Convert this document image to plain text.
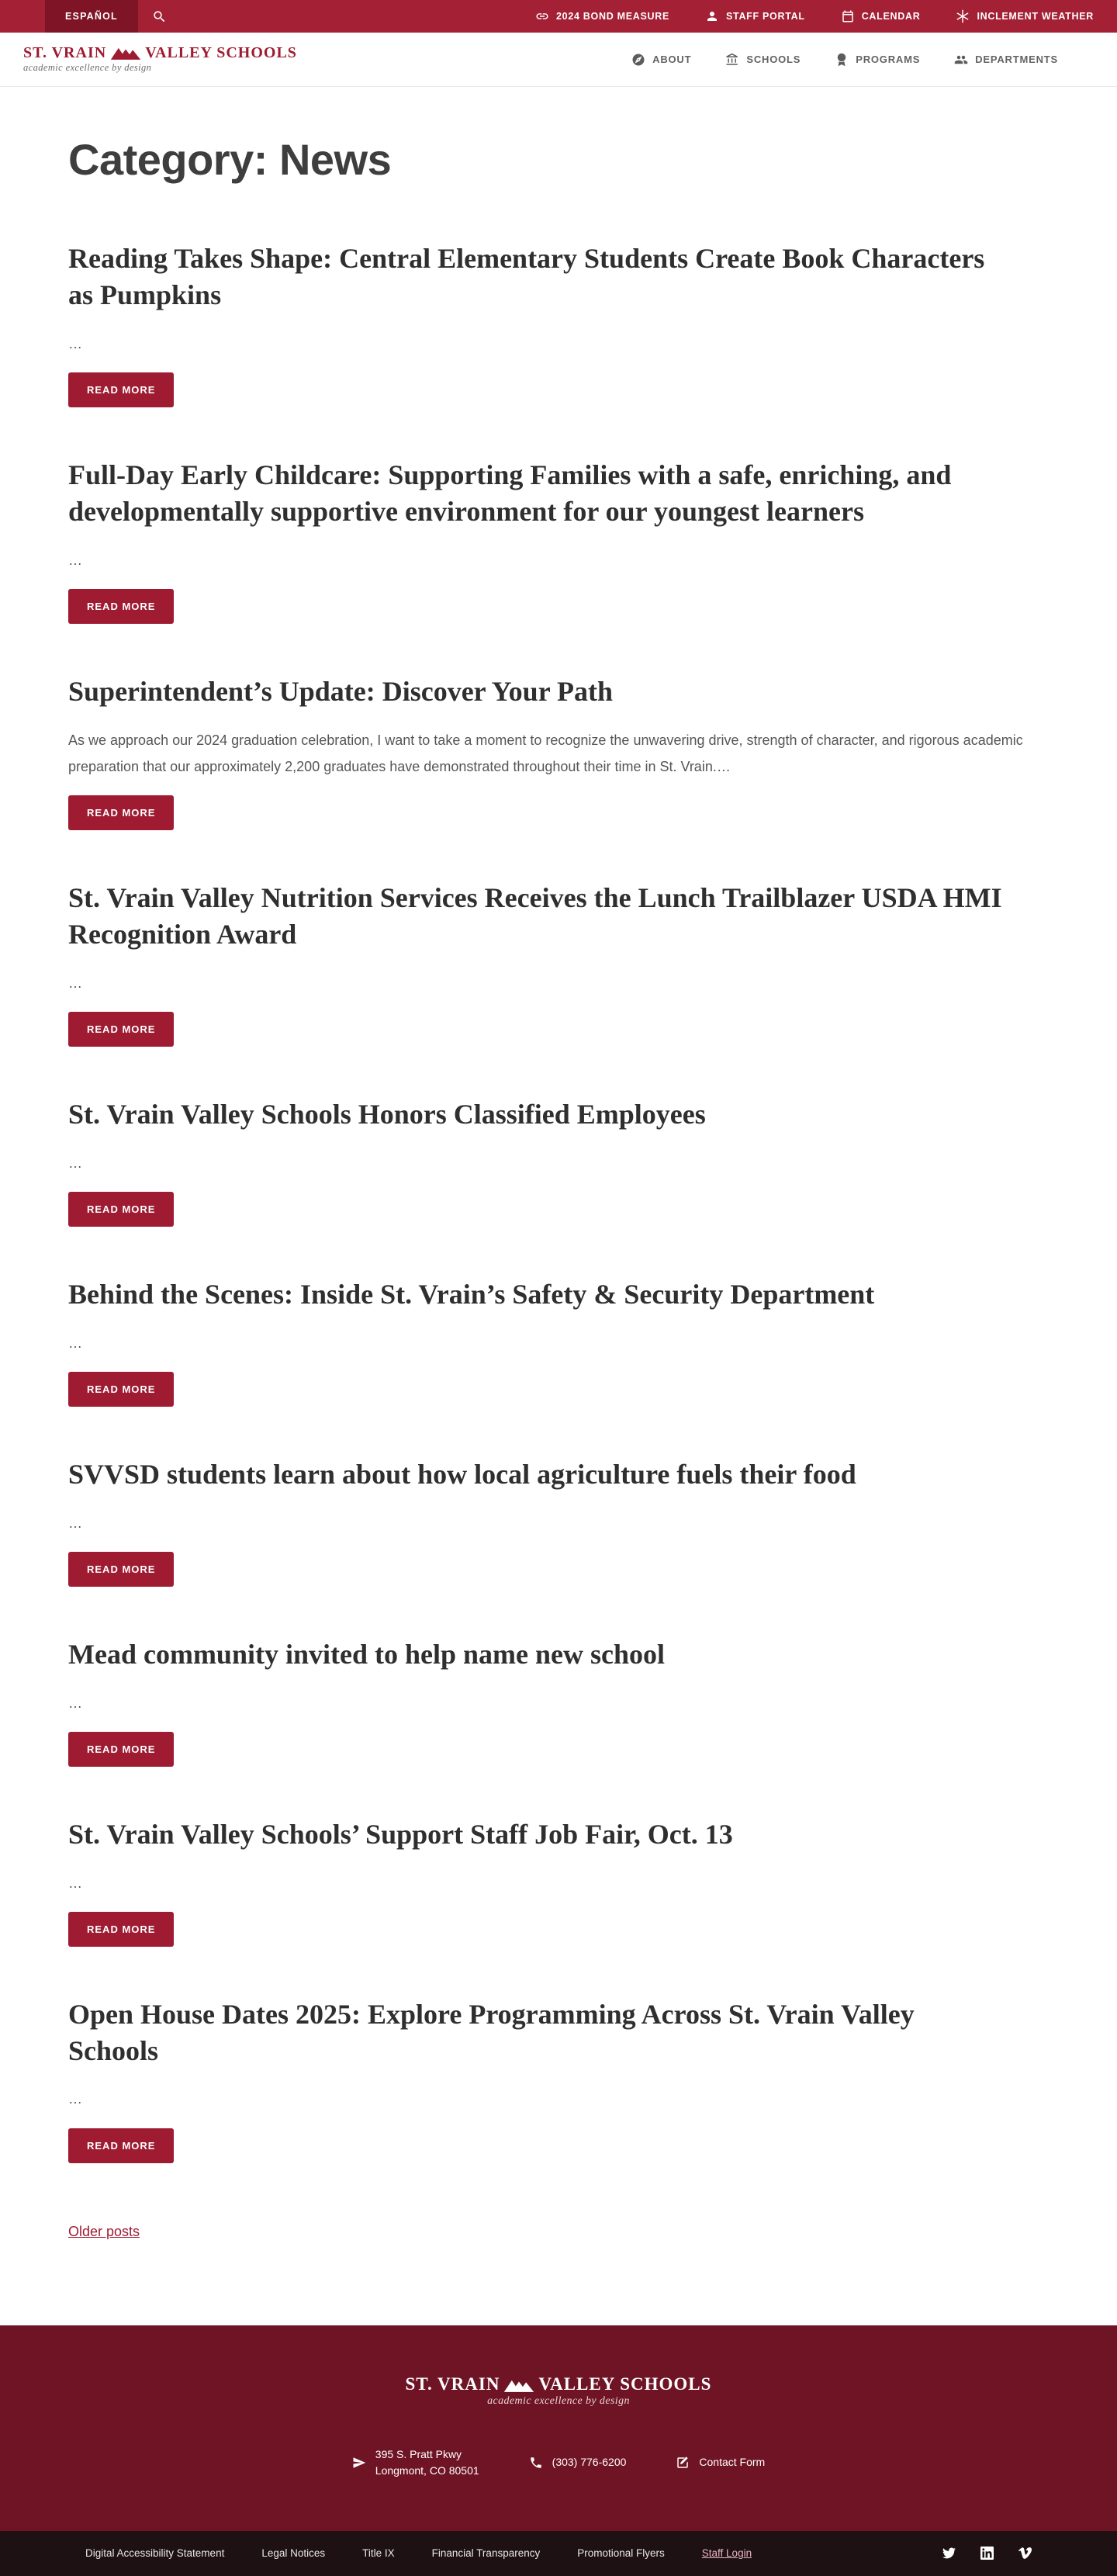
ESPAÑOL	2024 BOND MEASURE	STAFF PORTAL	CALENDAR	INCLEMENT WEATHER
ST. VRAIN	VALLEY SCHOOLS
academic excellence by design
ABOUT	SCHOOLS	PROGRAMS	DEPARTMENTS
Category: News
Reading Takes Shape: Central Elementary Students Create Book Characters as Pumpkins

…

READ MORE
Full-Day Early Childcare: Supporting Families with a safe, enriching, and developmentally supportive environment for our youngest learners

…

READ MORE
Superintendent’s Update: Discover Your Path

As we approach our 2024 graduation celebration, I want to take a moment to recognize the unwavering drive, strength of character, and rigorous academic preparation that our approximately 2,200 graduates have demonstrated throughout their time in St. Vrain.…

READ MORE
St. Vrain Valley Nutrition Services Receives the Lunch Trailblazer USDA HMI Recognition Award

…

READ MORE
St. Vrain Valley Schools Honors Classified Employees

…

READ MORE
Behind the Scenes: Inside St. Vrain’s Safety & Security Department

…

READ MORE
SVVSD students learn about how local agriculture fuels their food

…

READ MORE
Mead community invited to help name new school

…

READ MORE
St. Vrain Valley Schools’ Support Staff Job Fair, Oct. 13

…

READ MORE
Open House Dates 2025: Explore Programming Across St. Vrain Valley Schools

…

READ MORE
Older posts
ST. VRAIN VALLEY SCHOOLS
academic excellence by design
395 S. Pratt Pkwy
Longmont, CO 80501
(303) 776-6200	Contact Form
Digital Accessibility Statement	Legal Notices	Title IX	Financial Transparency	Promotional Flyers	Staff Login
